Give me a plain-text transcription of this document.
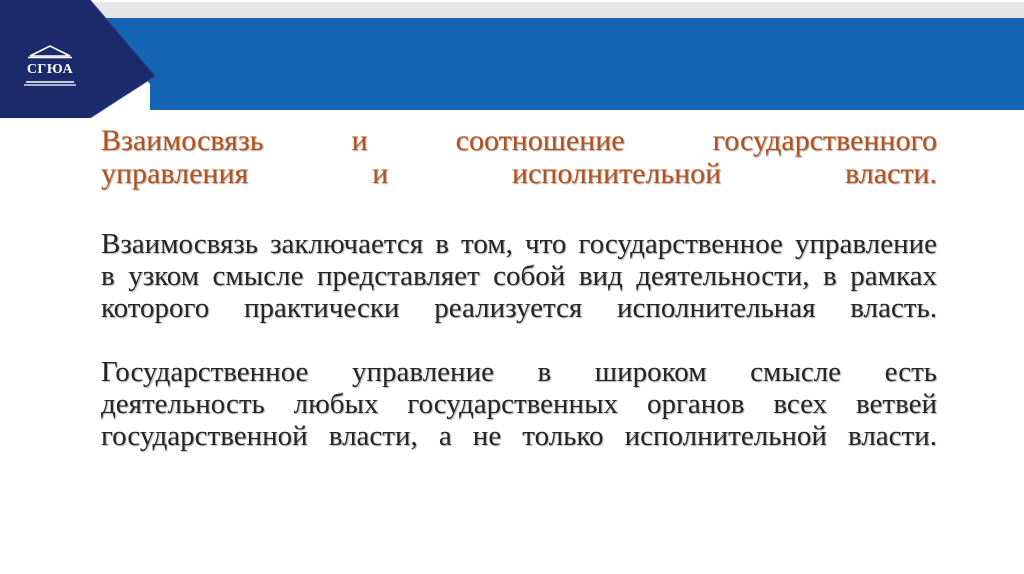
СГЮА
Взаимосвязь и соотношение государственного
управления и исполнительной власти.

Взаимосвязь заключается в том, что государственное управление
в узком смысле представляет собой вид деятельности, в рамках
которого практически реализуется исполнительная власть.

Государственное управление в широком смысле есть
деятельность любых государственных органов всех ветвей
государственной власти, а не только исполнительной власти.
